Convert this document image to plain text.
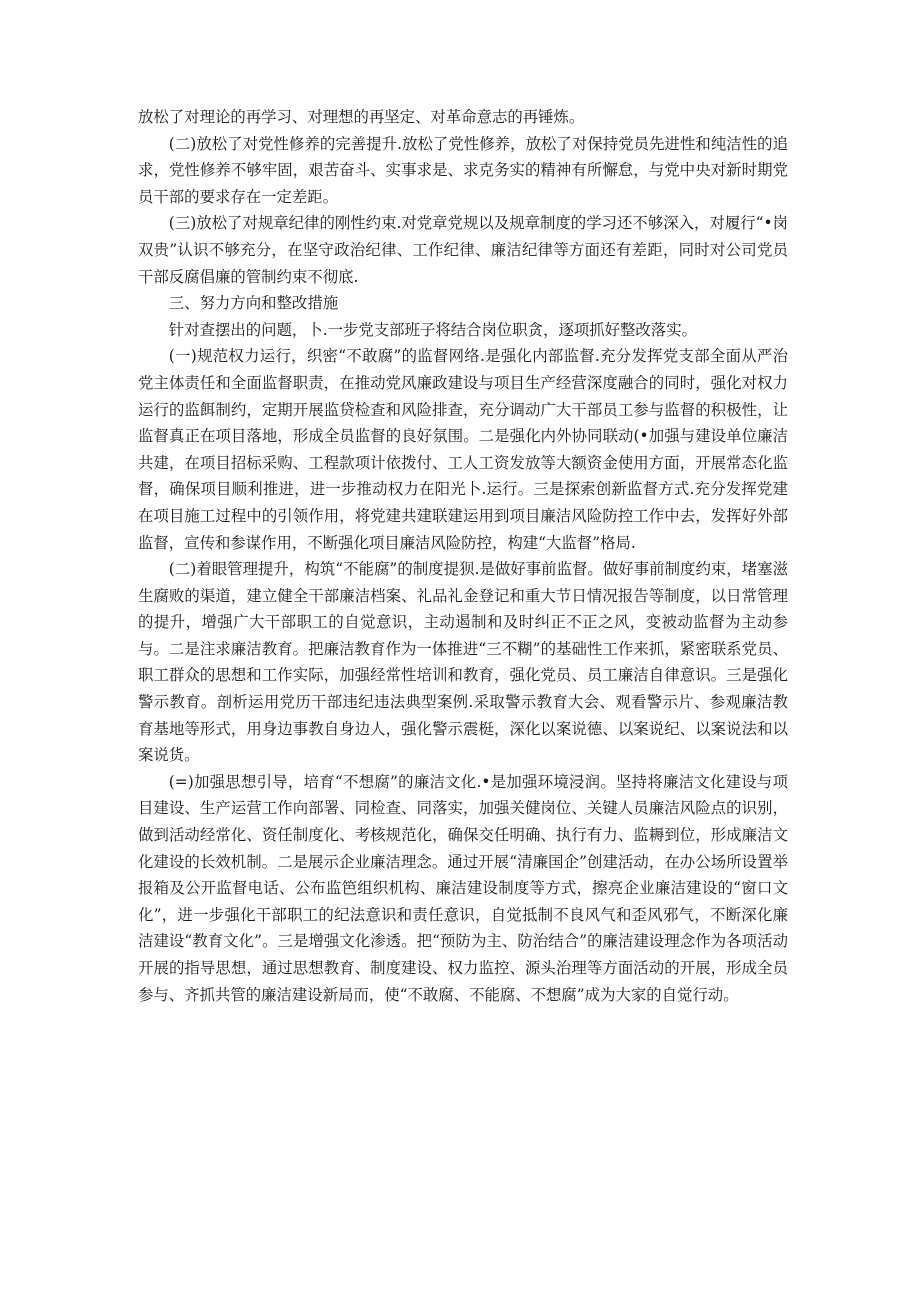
放松了对理论的再学习、对理想的再坚定、对革命意志的再锤炼。

(二)放松了对党性修养的完善提升.放松了党性修养，放松了对保持党员先进性和纯洁性的追求，党性修养不够牢固，艰苦奋斗、实事求是、求克务实的精神有所懈怠，与党中央对新时期党员干部的要求存在一定差距。

(三)放松了对规章纪律的刚性约束.对党章党规以及规章制度的学习还不够深入，对履行“•岗双贵”认识不够充分，在坚守政治纪律、工作纪律、廉洁纪律等方面还有差距，同时对公司党员干部反腐倡廉的管制约束不彻底.

三、努力方向和整改措施

针对查摆出的问题，卜.一步党支部班子将结合岗位职贪，逐项抓好整改落实。

(一)规范权力运行，织密“不敢腐”的监督网络.是强化内部监督.充分发挥党支部全面从严治党主体责任和全面监督职责，在推动党风廉政建设与项目生产经营深度融合的同时，强化对权力运行的监餌制约，定期开展监贷检查和风险排查，充分调动广大干部员工参与监督的积极性，让监督真正在项目落地，形成全员监督的良好氛围。二是强化内外协同联动(•加强与建设单位廉洁共建，在项目招标采购、工程款项计依拨付、工人工资发放等大额资金使用方面，开展常态化监督，确保项目顺利推进，进一步推动权力在阳光卜.运行。三是探索创新监督方式.充分发挥党建在项目施工过程中的引领作用，将党建共建联建运用到项目廉洁风险防控工作中去，发挥好外部监督，宣传和参谋作用，不断强化项目廉洁风险防控，构建“大监督”格局.

(二)着眼管理提升，构筑“不能腐”的制度提狈.是做好事前监督。做好事前制度约束，堵塞滋生腐败的渠道，建立健全干部廉洁档案、礼品礼金登记和重大节日情况报告等制度，以日常管理的提升，增强广大干部职工的自觉意识，主动遏制和及时纠正不正之风，变被动监督为主动参与。二是注求廉洁教育。把廉洁教育作为一体推进“三不糊”的基础性工作来抓，紧密联系党员、职工群众的思想和工作实际，加强经常性培训和教育，强化党员、员工廉洁自律意识。三是强化警示教育。剖析运用党历干部违纪违法典型案例.采取警示教育大会、观看警示片、参观廉洁教育基地等形式，用身边事教自身边人，强化警示震梃，深化以案说德、以案说纪、以案说法和以案说货。

(=)加强思想引导，培育“不想腐”的廉洁文化.•是加强环境浸润。坚持将廉洁文化建设与项目建设、生产运营工作向部署、同检查、同落实，加强关健岗位、关键人员廉洁风险点的识别，做到活动经常化、资任制度化、考核规范化，确保交任明确、执行有力、监耨到位，形成廉洁文化建设的长效机制。二是展示企业廉洁理念。通过开展“清廉国企”创建活动，在办公场所设置举报箱及公开监督电话、公布监笆组织机构、廉洁建设制度等方式，擦亮企业廉洁建设的“窗口文化”，进一步强化干部职工的纪法意识和责任意识，自觉抵制不良风气和歪风邪气，不断深化廉洁建设“教育文化”。三是增强文化渗透。把“预防为主、防治结合”的廉洁建设理念作为各项活动开展的指导思想，通过思想教育、制度建设、权力监控、源头治理等方面活动的开展，形成全员参与、齐抓共管的廉洁建设新局而，使“不敢腐、不能腐、不想腐”成为大家的自觉行动。
